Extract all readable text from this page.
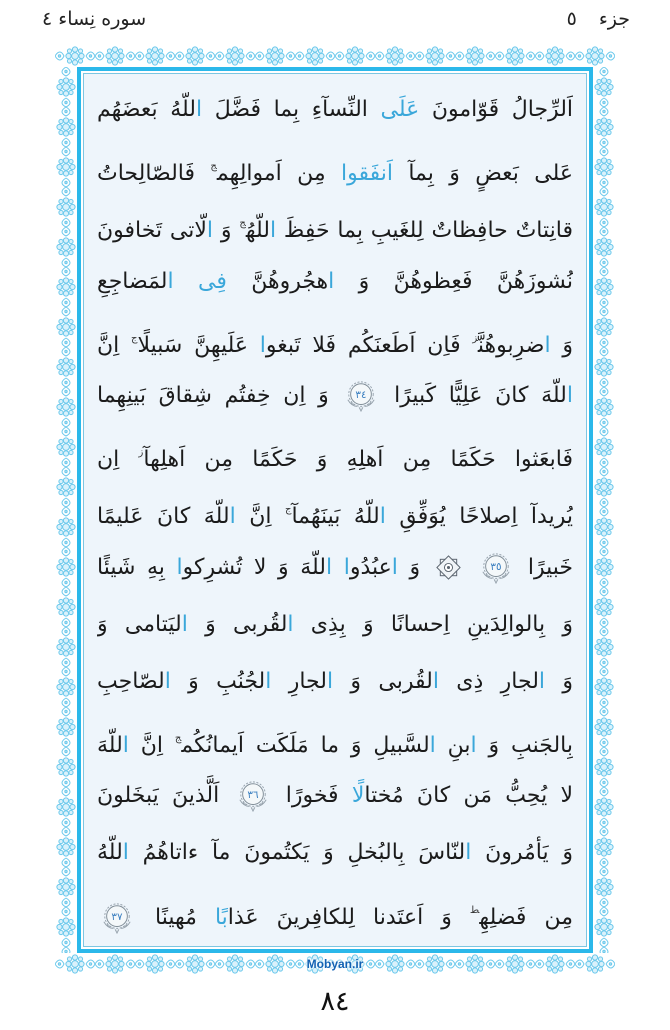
سوره نِساء ٤	جزء ٥
اَلرِّجالُ قَوّامونَ عَلَى النِّسآءِ بِما فَضَّلَ اللّهُ بَعضَهُم
عَلى بَعضٍ وَ بِمآ اَنفَقوا مِن اَموالِهِم$^ج$ فَالصّالِحاتُ
قانِتاتٌ حافِظاتٌ لِلغَيبِ بِما حَفِظَ اللّهُ$^ج$ وَ الّاتى تَخافونَ
نُشوزَهُنَّ فَعِظوهُنَّ وَ اهجُروهُنَّ فِى المَضاجِعِ
وَ اضرِبوهُنَّ$^ز$ فَاِن اَطَعنَكُم فَلا تَبغوا عَلَيهِنَّ سَبيلًا$^ج$ اِنَّ
اللّهَ كانَ عَلِيًّا كَبيرًا
٣٤
وَ اِن خِفتُم شِقاقَ بَينِهِما
فَابعَثوا حَكَمًا مِن اَهلِهِ وَ حَكَمًا مِن اَهلِهآ$^ز$ اِن
يُريدآ اِصلاحًا يُوَفِّقِ اللّهُ بَينَهُمآ$^ج$ اِنَّ اللّهَ كانَ عَليمًا
خَبيرًا
٣٥

وَ اعبُدُوا اللّهَ وَ لا تُشرِكوا بِهِ شَيئًا
وَ بِالوالِدَينِ اِحسانًا وَ بِذِى القُربى وَ اليَتامى وَ
وَ الجارِ ذِى القُربى وَ الجارِ الجُنُبِ وَ الصّاحِبِ
بِالجَنبِ وَ ابنِ السَّبيلِ وَ ما مَلَكَت اَيمانُكُم$^ج$ اِنَّ اللّهَ
لا يُحِبُّ مَن كانَ مُختالًا فَخورًا
٣٦
اَلَّذينَ يَبخَلونَ
وَ يَأمُرونَ النّاسَ بِالبُخلِ وَ يَكتُمونَ مآ ءاتاهُمُ اللّهُ
مِن فَضلِهِ$^ط$ وَ اَعتَدنا لِلكافِرينَ عَذابًا مُهينًا
٣٧
Mobyan.ir
٨٤
